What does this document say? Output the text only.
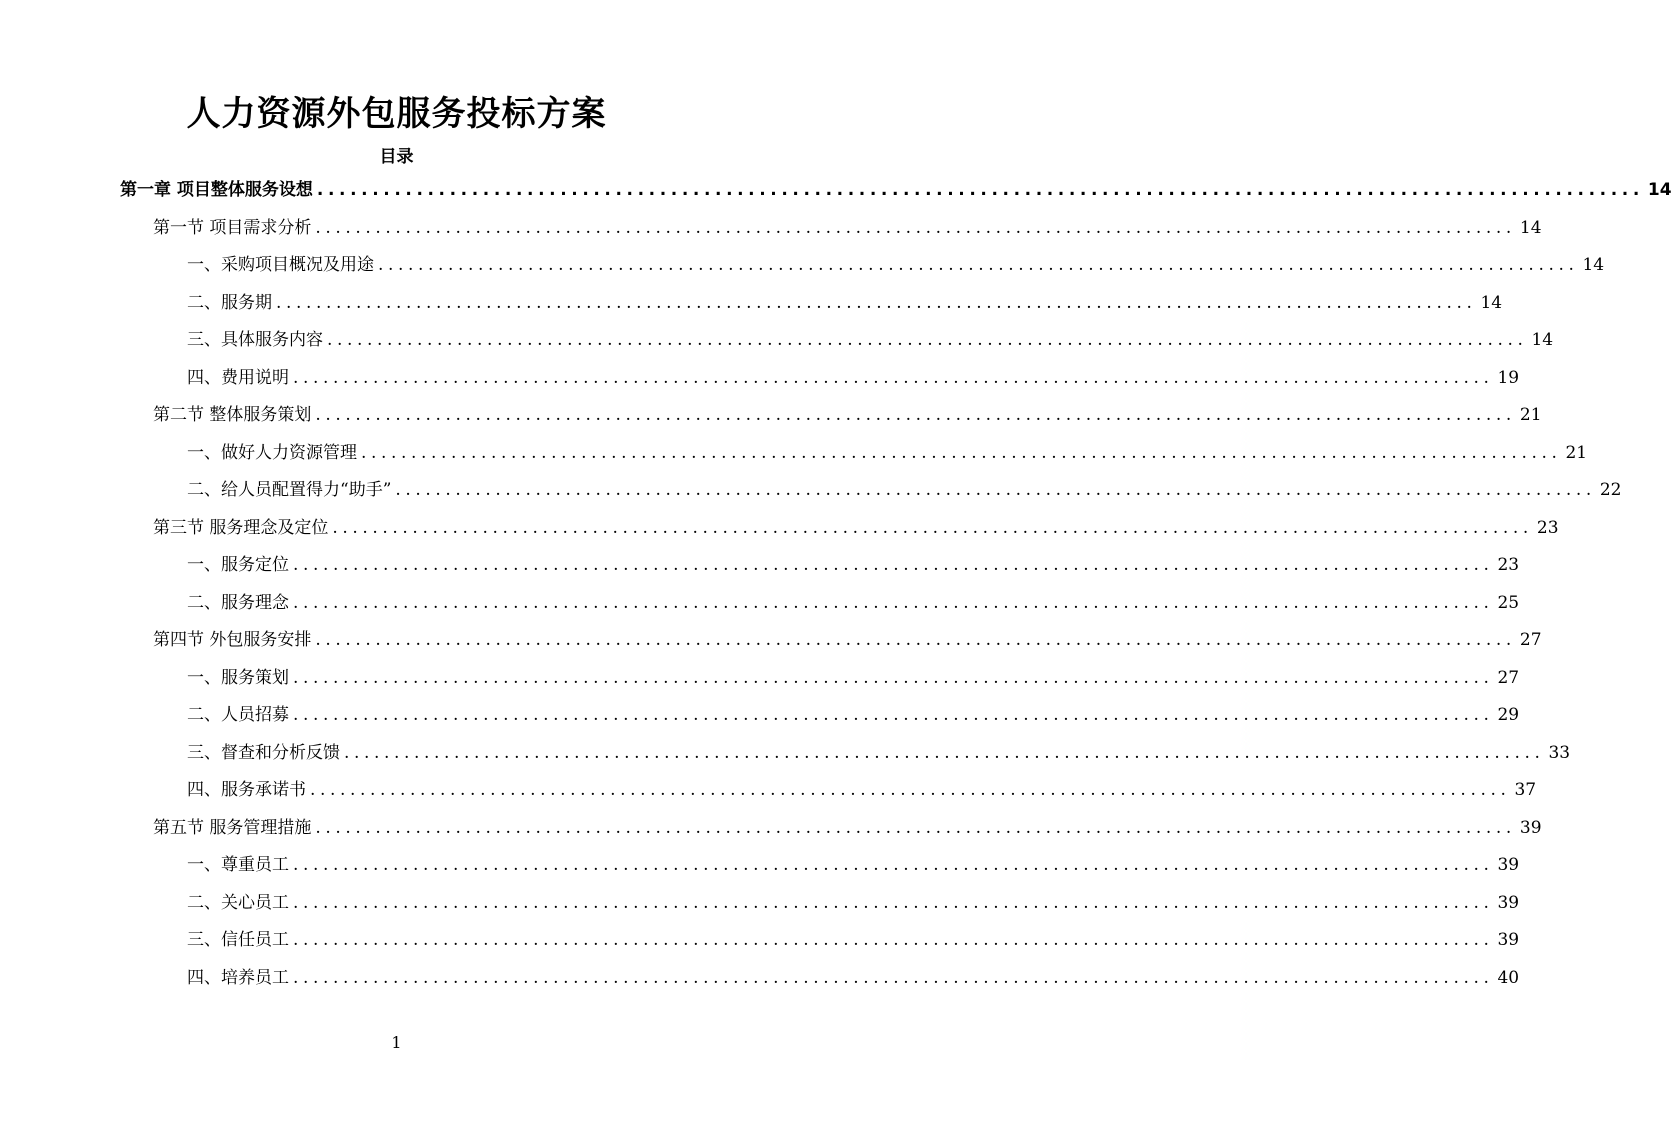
人力资源外包服务投标方案
目录
第一章 项目整体服务设想 ........................................................................................................................ 14
第一节 项目需求分析 ........................................................................................................................ 14
一、采购项目概况及用途 ........................................................................................................................ 14
二、服务期 ........................................................................................................................ 14
三、具体服务内容 ........................................................................................................................ 14
四、费用说明 ........................................................................................................................ 19
第二节 整体服务策划 ........................................................................................................................ 21
一、做好人力资源管理 ........................................................................................................................ 21
二、给人员配置得力“助手” ........................................................................................................................ 22
第三节 服务理念及定位 ........................................................................................................................ 23
一、服务定位 ........................................................................................................................ 23
二、服务理念 ........................................................................................................................ 25
第四节 外包服务安排 ........................................................................................................................ 27
一、服务策划 ........................................................................................................................ 27
二、人员招募 ........................................................................................................................ 29
三、督查和分析反馈 ........................................................................................................................ 33
四、服务承诺书 ........................................................................................................................ 37
第五节 服务管理措施 ........................................................................................................................ 39
一、尊重员工 ........................................................................................................................ 39
二、关心员工 ........................................................................................................................ 39
三、信任员工 ........................................................................................................................ 39
四、培养员工 ........................................................................................................................ 40
1
